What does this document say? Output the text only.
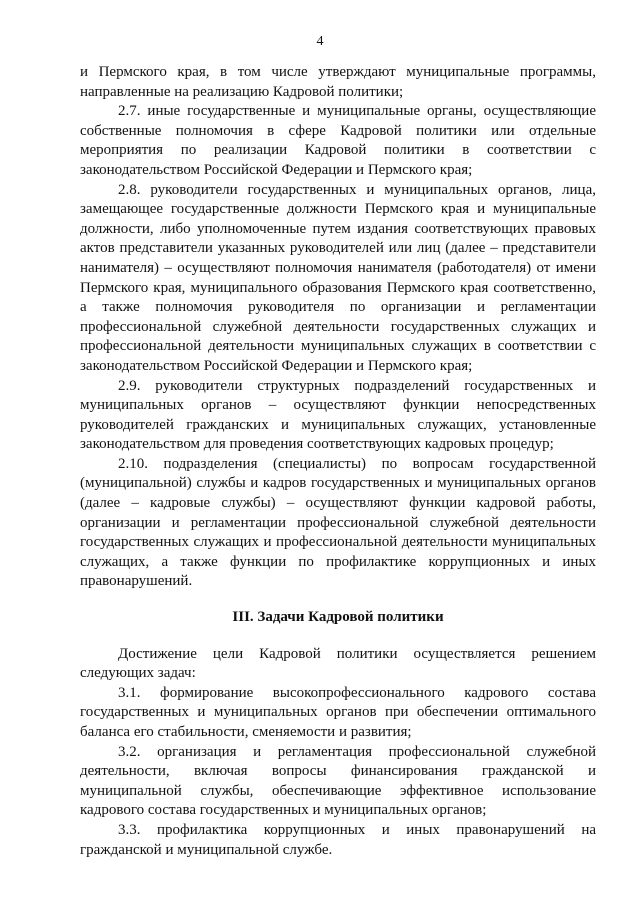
4

и Пермского края, в том числе утверждают муниципальные программы, направленные на реализацию Кадровой политики;

2.7. иные государственные и муниципальные органы, осуществляющие собственные полномочия в сфере Кадровой политики или отдельные мероприятия по реализации Кадровой политики в соответствии с законодательством Российской Федерации и Пермского края;

2.8. руководители государственных и муниципальных органов, лица, замещающее государственные должности Пермского края и муниципальные должности, либо уполномоченные путем издания соответствующих правовых актов представители указанных руководителей или лиц (далее – представители нанимателя) – осуществляют полномочия нанимателя (работодателя) от имени Пермского края, муниципального образования Пермского края соответственно, а также полномочия руководителя по организации и регламентации профессиональной служебной деятельности государственных служащих и профессиональной деятельности муниципальных служащих в соответствии с законодательством Российской Федерации и Пермского края;

2.9. руководители структурных подразделений государственных и муниципальных органов – осуществляют функции непосредственных руководителей гражданских и муниципальных служащих, установленные законодательством для проведения соответствующих кадровых процедур;

2.10. подразделения (специалисты) по вопросам государственной (муниципальной) службы и кадров государственных и муниципальных органов (далее – кадровые службы) – осуществляют функции кадровой работы, организации и регламентации профессиональной служебной деятельности государственных служащих и профессиональной деятельности муниципальных служащих, а также функции по профилактике коррупционных и иных правонарушений.

III. Задачи Кадровой политики

Достижение цели Кадровой политики осуществляется решением следующих задач:

3.1. формирование высокопрофессионального кадрового состава государственных и муниципальных органов при обеспечении оптимального баланса его стабильности, сменяемости и развития;

3.2. организация и регламентация профессиональной служебной деятельности, включая вопросы финансирования гражданской и муниципальной службы, обеспечивающие эффективное использование кадрового состава государственных и муниципальных органов;

3.3. профилактика коррупционных и иных правонарушений на гражданской и муниципальной службе.
